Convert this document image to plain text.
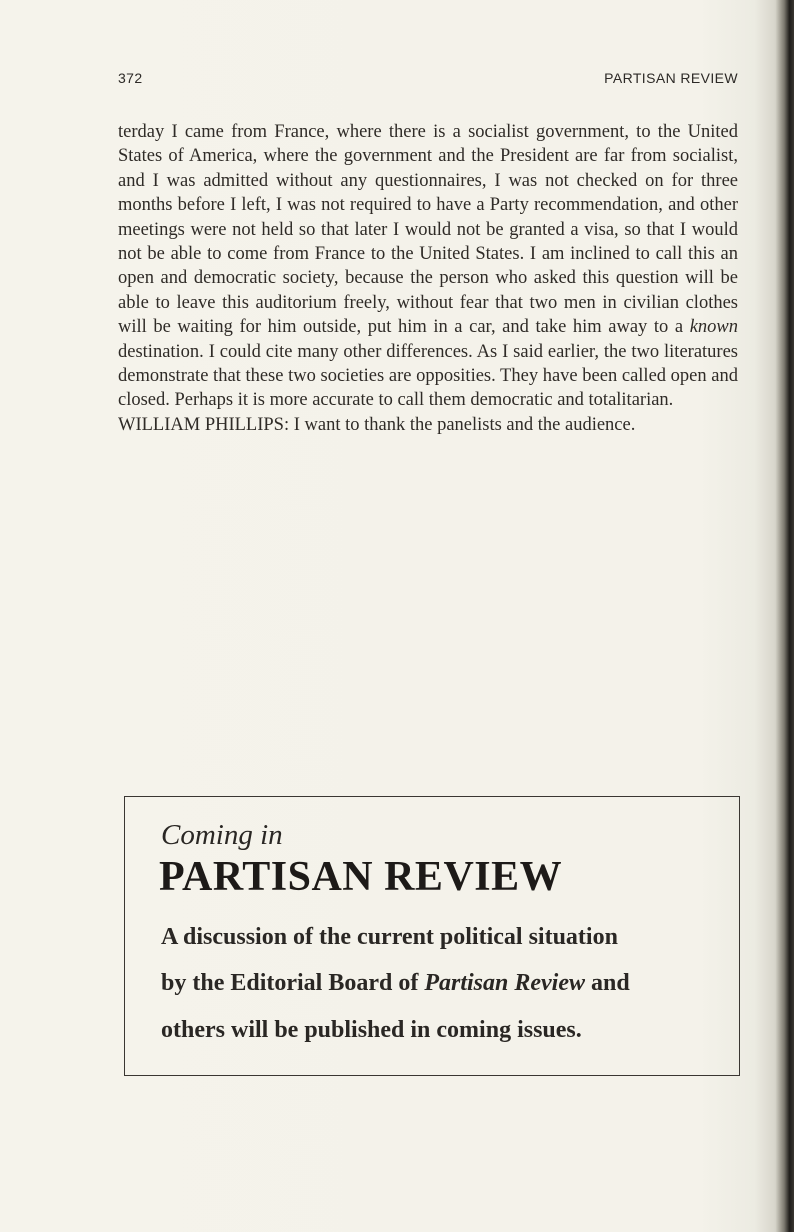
372	PARTISAN REVIEW

terday I came from France, where there is a socialist government, to the United States of America, where the government and the President are far from socialist, and I was admitted without any questionnaires, I was not checked on for three months before I left, I was not required to have a Party recommendation, and other meetings were not held so that later I would not be granted a visa, so that I would not be able to come from France to the United States. I am inclined to call this an open and democratic society, because the person who asked this question will be able to leave this auditorium freely, without fear that two men in civilian clothes will be waiting for him outside, put him in a car, and take him away to a known destination. I could cite many other differences. As I said earlier, the two literatures demonstrate that these two societies are opposities. They have been called open and closed. Perhaps it is more accurate to call them democratic and totalitarian.

WILLIAM PHILLIPS: I want to thank the panelists and the audience.

Coming in
PARTISAN REVIEW
A discussion of the current political situation
by the Editorial Board of Partisan Review and
others will be published in coming issues.
